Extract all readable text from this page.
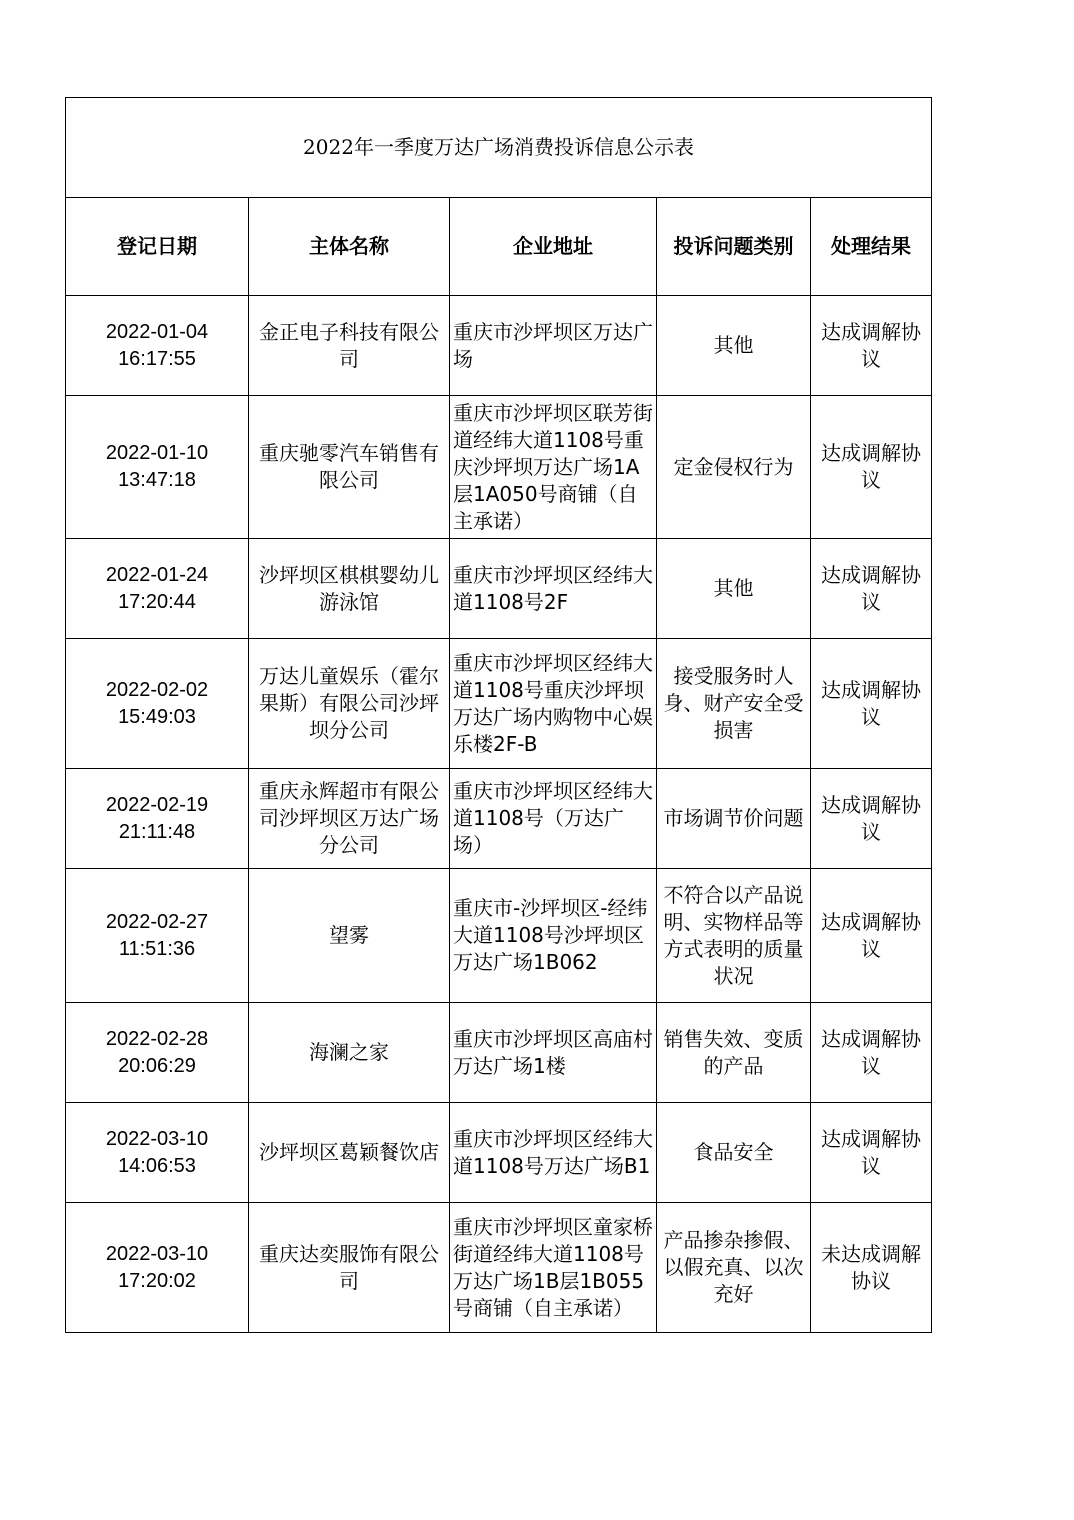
2022年一季度万达广场消费投诉信息公示表				
登记日期	主体名称	企业地址	投诉问题类别	处理结果

2022-01-04
16:17:55	金正电子科技有限公司	重庆市沙坪坝区万达广场	其他	达成调解协议

2022-01-10
13:47:18	重庆驰零汽车销售有限公司	重庆市沙坪坝区联芳街道经纬大道1108号重庆沙坪坝万达广场1A层1A050号商铺（自主承诺）	定金侵权行为	达成调解协议

2022-01-24
17:20:44	沙坪坝区棋棋婴幼儿游泳馆	重庆市沙坪坝区经纬大道1108号2F	其他	达成调解协议

2022-02-02
15:49:03	万达儿童娱乐（霍尔果斯）有限公司沙坪坝分公司	重庆市沙坪坝区经纬大道1108号重庆沙坪坝万达广场内购物中心娱乐楼2F-B	接受服务时人身、财产安全受损害	达成调解协议

2022-02-19
21:11:48	重庆永辉超市有限公司沙坪坝区万达广场分公司	重庆市沙坪坝区经纬大道1108号（万达广场）	市场调节价问题	达成调解协议

2022-02-27
11:51:36	望雾	重庆市-沙坪坝区-经纬大道1108号沙坪坝区万达广场1B062	不符合以产品说明、实物样品等方式表明的质量状况	达成调解协议

2022-02-28
20:06:29	海澜之家	重庆市沙坪坝区高庙村万达广场1楼	销售失效、变质的产品	达成调解协议

2022-03-10
14:06:53	沙坪坝区葛颖餐饮店	重庆市沙坪坝区经纬大道1108号万达广场B1	食品安全	达成调解协议

2022-03-10
17:20:02	重庆达奕服饰有限公司	重庆市沙坪坝区童家桥街道经纬大道1108号万达广场1B层1B055号商铺（自主承诺）	产品掺杂掺假、以假充真、以次充好	未达成调解协议
